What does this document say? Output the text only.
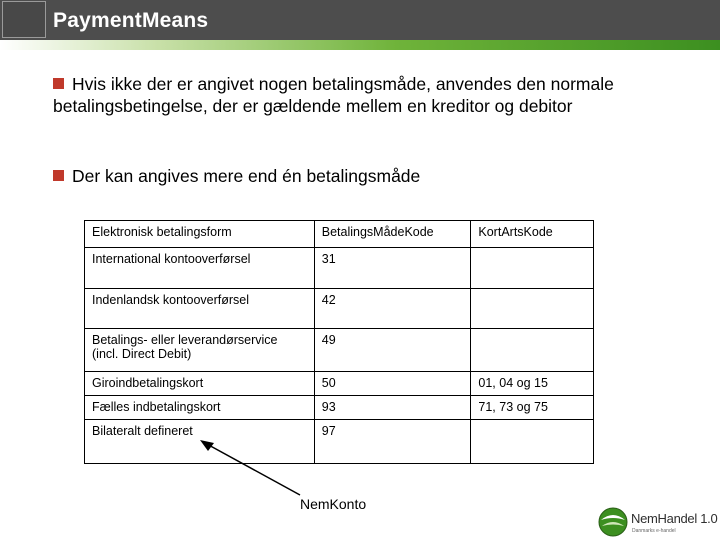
PaymentMeans
Hvis ikke der er angivet nogen betalingsmåde, anvendes den normale betalingsbetingelse, der er gældende mellem en kreditor og debitor
Der kan angives mere end én betalingsmåde
Elektronisk betalingsform	BetalingsMådeKode	KortArtsKode
International kontooverførsel	31	
Indenlandsk kontooverførsel	42	
Betalings- eller leverandørservice (incl. Direct Debit)	49	
Giroindbetalingskort	50	01, 04 og 15
Fælles indbetalingskort	93	71, 73 og 75
Bilateralt defineret	97	
NemKonto
NemHandel 1.0
Danmarks e-handel
